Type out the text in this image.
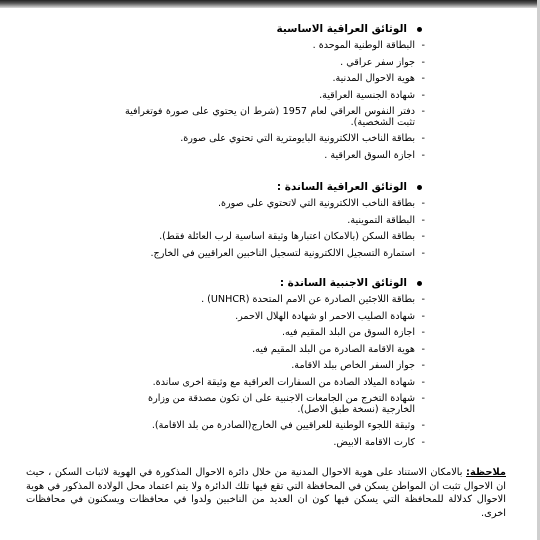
الوثائق العراقية الاساسية
- البطاقة الوطنية الموحدة .
- جواز سفر عراقي .
- هوية الاحوال المدنية.
- شهادة الجنسية العراقية.
- دفتر النفوس العراقي لعام 1957 (شرط ان يحتوي على صورة فوتغرافية تثبت الشخصية).
- بطاقة الناخب الالكترونية البايومترية التي تحتوي على صورة.
- اجازة السوق العراقية .
الوثائق العراقية الساندة :
- بطاقة الناخب الالكترونية التي لاتحتوي على صورة.
- البطاقة التموينية.
- بطاقة السكن (بالامكان اعتبارها وثيقة اساسية لرب العائلة فقط).
- استمارة التسجيل الالكترونية لتسجيل الناخبين العراقيين في الخارج.
الوثائق الاجنبية الساندة :
- بطاقة اللاجئين الصادرة عن الامم المتحدة (UNHCR) .
- شهادة الصليب الاحمر او شهادة الهلال الاحمر.
- اجازة السوق من البلد المقيم فيه.
- هوية الاقامة الصادرة من البلد المقيم فيه.
- جواز السفر الخاص ببلد الاقامة.
- شهادة الميلاد الصادة من السفارات العراقية مع وثيقة اخرى ساندة.
- شهادة التخرج من الجامعات الاجنبية على ان تكون مصدقة من وزارة الخارجية (نسخة طبق الاصل).
- وثيقة اللجوء الوطنية للعراقيين في الخارج(الصادرة من بلد الاقامة).
- كارت الاقامة الابيض.
ملاحظة: بالامكان الاستناد على هوية الاحوال المدنية من خلال دائرة الاحوال المذكورة في الهوية لاثبات السكن ، حيث ان الاحوال تثبت ان المواطن يسكن في المحافظة التي تقع فيها تلك الدائرة ولا يتم اعتماد محل الولادة المذكور في هوية الاحوال كدلالة للمحافظة التي يسكن فيها كون ان العديد من الناخبين ولدوا في محافظات ويسكنون في محافظات اخرى.
